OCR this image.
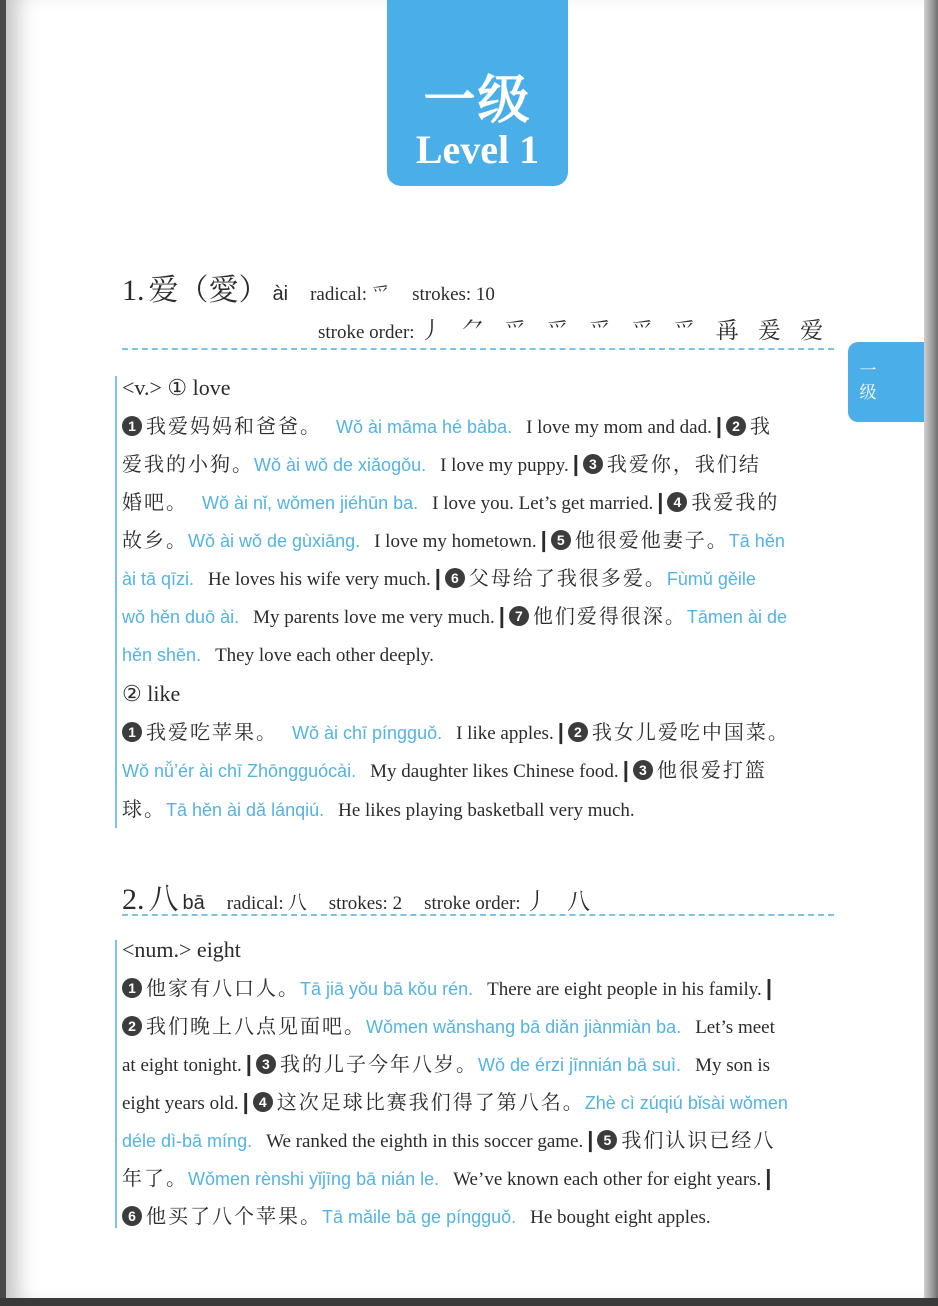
一级
Level 1
一级
1. 爱（愛） ài radical: 爫 strokes: 10
stroke order: 丿 ⺈ 爫 爫 爫 爫 爫 爯 爰 爱
<v.> ① love
1 我爱妈妈和爸爸。 Wǒ ài māma hé bàba. I love my mom and dad. | 2 我
爱我的小狗。Wǒ ài wǒ de xiǎogǒu. I love my puppy. | 3 我爱你，我们结
婚吧。 Wǒ ài nǐ, wǒmen jiéhūn ba. I love you. Let’s get married. | 4 我爱我的
故乡。Wǒ ài wǒ de gùxiāng. I love my hometown. | 5 他很爱他妻子。Tā hěn
ài tā qīzi. He loves his wife very much. | 6 父母给了我很多爱。Fùmǔ gěile
wǒ hěn duō ài. My parents love me very much. | 7 他们爱得很深。Tāmen ài de
hěn shēn. They love each other deeply.
② like
1 我爱吃苹果。 Wǒ ài chī píngguǒ. I like apples. | 2 我女儿爱吃中国菜。
Wǒ nǚ’ér ài chī Zhōngguócài. My daughter likes Chinese food. | 3 他很爱打篮
球。Tā hěn ài dǎ lánqiú. He likes playing basketball very much.
2. 八 bā radical: 八 strokes: 2 stroke order: 丿 八
<num.> eight
1 他家有八口人。Tā jiā yǒu bā kǒu rén. There are eight people in his family. |
2 我们晚上八点见面吧。Wǒmen wǎnshang bā diǎn jiànmiàn ba. Let’s meet
at eight tonight. | 3 我的儿子今年八岁。Wǒ de érzi jīnnián bā suì. My son is
eight years old. | 4 这次足球比赛我们得了第八名。Zhè cì zúqiú bǐsài wǒmen
déle dì-bā míng. We ranked the eighth in this soccer game. | 5 我们认识已经八
年了。Wǒmen rènshi yǐjīng bā nián le. We’ve known each other for eight years. |
6 他买了八个苹果。Tā mǎile bā ge píngguǒ. He bought eight apples.
